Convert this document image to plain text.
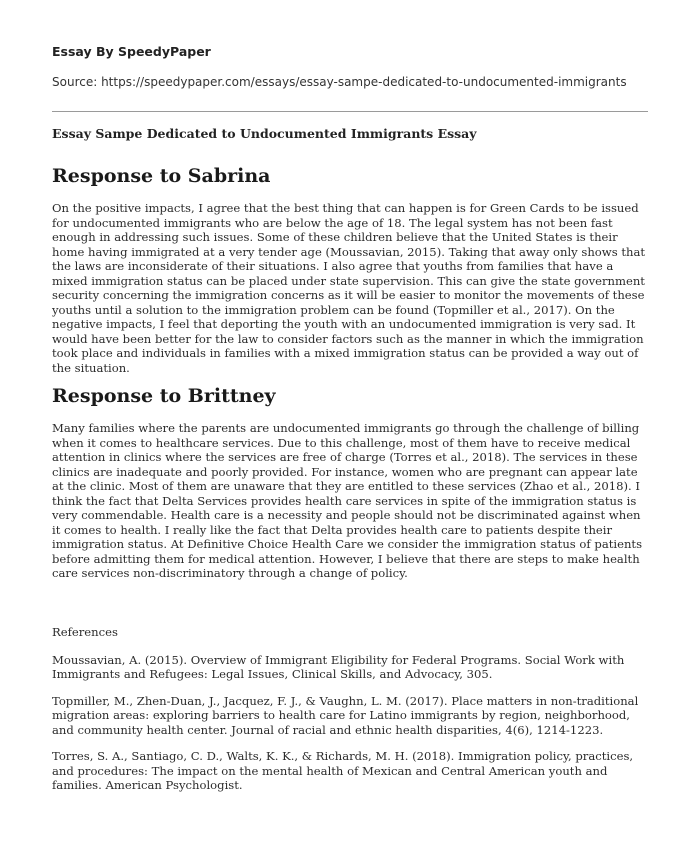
Essay By SpeedyPaper
Source: https://speedypaper.com/essays/essay-sampe-dedicated-to-undocumented-immigrants
Essay Sampe Dedicated to Undocumented Immigrants Essay
Response to Sabrina

On the positive impacts, I agree that the best thing that can happen is for Green Cards to be issued for undocumented immigrants who are below the age of 18. The legal system has not been fast enough in addressing such issues. Some of these children believe that the United States is their home having immigrated at a very tender age (Moussavian, 2015). Taking that away only shows that the laws are inconsiderate of their situations. I also agree that youths from families that have a mixed immigration status can be placed under state supervision. This can give the state government security concerning the immigration concerns as it will be easier to monitor the movements of these youths until a solution to the immigration problem can be found (Topmiller et al., 2017). On the negative impacts, I feel that deporting the youth with an undocumented immigration is very sad. It would have been better for the law to consider factors such as the manner in which the immigration took place and individuals in families with a mixed immigration status can be provided a way out of the situation.

Response to Brittney

Many families where the parents are undocumented immigrants go through the challenge of billing when it comes to healthcare services. Due to this challenge, most of them have to receive medical attention in clinics where the services are free of charge (Torres et al., 2018). The services in these clinics are inadequate and poorly provided. For instance, women who are pregnant can appear late at the clinic. Most of them are unaware that they are entitled to these services (Zhao et al., 2018). I think the fact that Delta Services provides health care services in spite of the immigration status is very commendable. Health care is a necessity and people should not be discriminated against when it comes to health. I really like the fact that Delta provides health care to patients despite their immigration status. At Definitive Choice Health Care we consider the immigration status of patients before admitting them for medical attention. However, I believe that there are steps to make health care services non-discriminatory through a change of policy.

References

Moussavian, A. (2015). Overview of Immigrant Eligibility for Federal Programs. Social Work with Immigrants and Refugees: Legal Issues, Clinical Skills, and Advocacy, 305.

Topmiller, M., Zhen-Duan, J., Jacquez, F. J., & Vaughn, L. M. (2017). Place matters in non-traditional migration areas: exploring barriers to health care for Latino immigrants by region, neighborhood, and community health center. Journal of racial and ethnic health disparities, 4(6), 1214-1223.

Torres, S. A., Santiago, C. D., Walts, K. K., & Richards, M. H. (2018). Immigration policy, practices, and procedures: The impact on the mental health of Mexican and Central American youth and families. American Psychologist.
